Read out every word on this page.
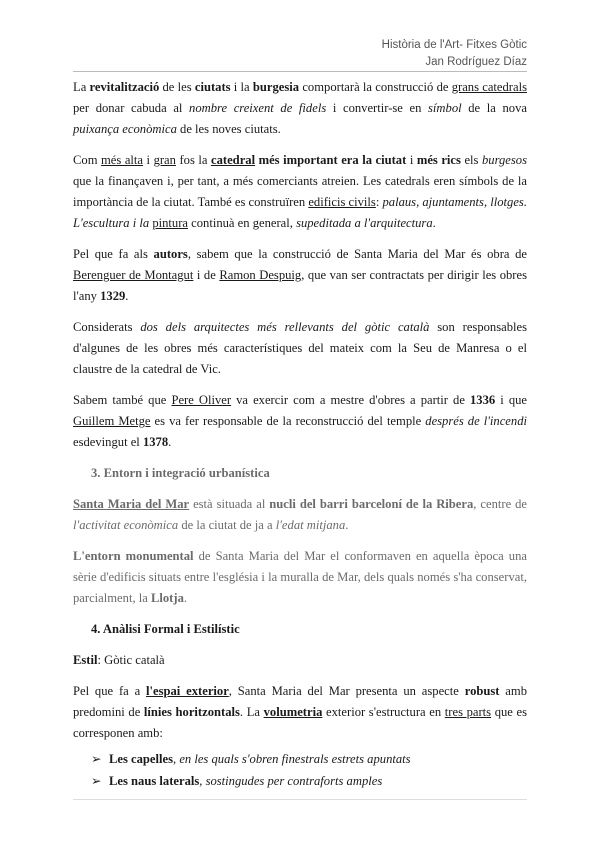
Història de l'Art- Fitxes Gòtic
Jan Rodríguez Díaz

La revitalització de les ciutats i la burgesia comportarà la construcció de grans catedrals per donar cabuda al nombre creixent de fidels i convertir-se en símbol de la nova puixança econòmica de les noves ciutats.

Com més alta i gran fos la catedral més important era la ciutat i més rics els burgesos que la finançaven i, per tant, a més comerciants atreien. Les catedrals eren símbols de la importància de la ciutat. També es construïren edificis civils: palaus, ajuntaments, llotges. L'escultura i la pintura continuà en general, supeditada a l'arquitectura.

Pel que fa als autors, sabem que la construcció de Santa Maria del Mar és obra de Berenguer de Montagut i de Ramon Despuig, que van ser contractats per dirigir les obres l'any 1329.

Considerats dos dels arquitectes més rellevants del gòtic català son responsables d'algunes de les obres més característiques del mateix com la Seu de Manresa o el claustre de la catedral de Vic.

Sabem també que Pere Oliver va exercir com a mestre d'obres a partir de 1336 i que Guillem Metge es va fer responsable de la reconstrucció del temple després de l'incendi esdevingut el 1378.

3. Entorn i integració urbanística

Santa Maria del Mar està situada al nucli del barri barceloní de la Ribera, centre de l'activitat econòmica de la ciutat de ja a l'edat mitjana.

L'entorn monumental de Santa Maria del Mar el conformaven en aquella època una sèrie d'edificis situats entre l'església i la muralla de Mar, dels quals només s'ha conservat, parcialment, la Llotja.

4. Anàlisi Formal i Estilístic

Estil: Gòtic català

Pel que fa a l'espai exterior, Santa Maria del Mar presenta un aspecte robust amb predomini de línies horitzontals. La volumetria exterior s'estructura en tres parts que es corresponen amb:

➢ Les capelles, en les quals s'obren finestrals estrets apuntats
➢ Les naus laterals, sostingudes per contraforts amples
